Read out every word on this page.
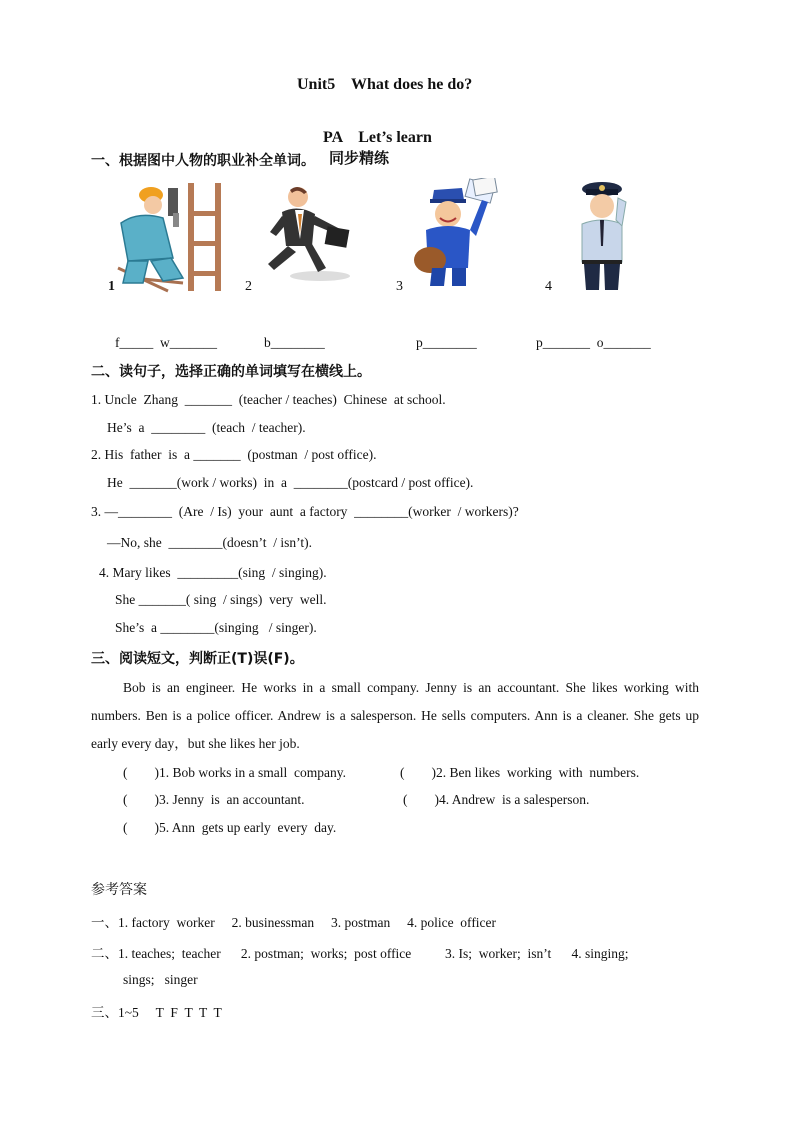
Unit5    What does he do?

PA    Let’s learn
同步精练

一、根据图中人物的职业补全单词。
1	2	3	4
f_____  w_______	b________	p________	p_______  o_______
二、读句子，选择正确的单词填写在横线上。
1. Uncle  Zhang  _______  (teacher / teaches)  Chinese  at school.
He’s  a  ________  (teach  / teacher).
2. His  father  is  a _______  (postman  / post office).
He  _______(work / works)  in  a  ________(postcard / post office).
3. —________  (Are  / Is)  your  aunt  a factory  ________(worker  / workers)?
—No, she  ________(doesn’t  / isn’t).
4. Mary likes  _________(sing  / singing).
She _______( sing  / sings)  very  well.
She’s  a ________(singing   / singer).
三、阅读短文，判断正(T)误(F)。
Bob is an engineer. He works in a small company. Jenny is an accountant. She likes working with numbers. Ben is a police officer. Andrew is a salesperson. He sells computers. Ann is a cleaner. She gets up early every day，but she likes her job.
(        )1. Bob works in a small  company.	(        )2. Ben likes  working  with  numbers.
(        )3. Jenny  is  an accountant.	(        )4. Andrew  is a salesperson.
(        )5. Ann  gets up early  every  day.
参考答案
一、1. factory  worker     2. businessman     3. postman     4. police  officer
二、1. teaches;  teacher      2. postman;  works;  post office          3. Is;  worker;  isn’t      4. singing;
sings;   singer
三、1~5     T  F  T  T  T
